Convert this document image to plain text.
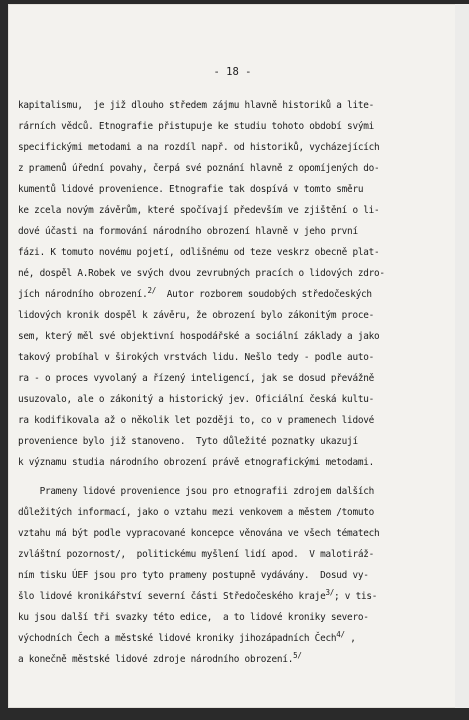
- 18 -
kapitalismu,  je již dlouho středem zájmu hlavně historiků a lite-
rárních vědců. Etnografie přistupuje ke studiu tohoto období svými
specifickými metodami a na rozdíl např. od historiků, vycházejících
z pramenů úřední povahy, čerpá své poznání hlavně z opomíjených do-
kumentů lidové provenience. Etnografie tak dospívá v tomto směru
ke zcela novým závěrům, které spočívají především ve zjištění o li-
dové účasti na formování národního obrození hlavně v jeho první
fázi. K tomuto novému pojetí, odlišnému od teze veskrz obecně plat-
né, dospěl A.Robek ve svých dvou zevrubných pracích o lidových zdro-
jích národního obrození.$^{2/}$  Autor rozborem soudobých středočeských
lidových kronik dospěl k závěru, že obrození bylo zákonitým proce-
sem, který měl své objektivní hospodářské a sociální základy a jako
takový probíhal v širokých vrstvách lidu. Nešlo tedy - podle auto-
ra - o proces vyvolaný a řízený inteligencí, jak se dosud převážně
usuzovalo, ale o zákonitý a historický jev. Oficiální česká kultu-
ra kodifikovala až o několik let později to, co v pramenech lidové
provenience bylo již stanoveno.  Tyto důležité poznatky ukazují
k významu studia národního obrození právě etnografickými metodami.
Prameny lidové provenience jsou pro etnografii zdrojem dalších
důležitých informací, jako o vztahu mezi venkovem a městem /tomuto
vztahu má být podle vypracované koncepce věnována ve všech tématech
zvláštní pozornost/,  politickému myšlení lidí apod.  V malotiráž-
ním tisku ÚEF jsou pro tyto prameny postupně vydávány.  Dosud vy-
šlo lidové kronikářství severní části Středočeského kraje$^{3/}$; v tis-
ku jsou další tři svazky této edice,  a to lidové kroniky severo-
východních Čech a městské lidové kroniky jihozápadních Čech$^{4/}$ ,
a konečně městské lidové zdroje národního obrození.$^{5/}$
